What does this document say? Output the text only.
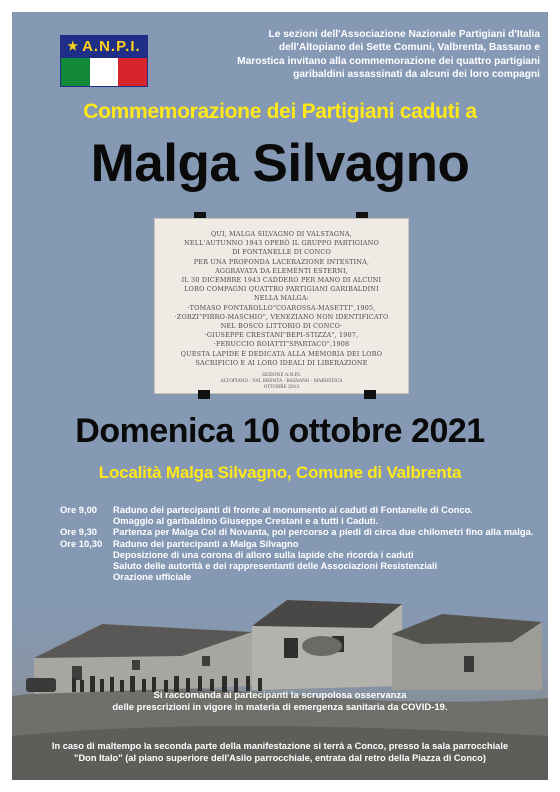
★ A.N.P.I.
Le sezioni dell'Associazione Nazionale Partigiani d'Italia
dell'Altopiano dei Sette Comuni, Valbrenta, Bassano e
Marostica invitano alla commemorazione dei quattro partigiani
garibaldini assassinati da alcuni dei loro compagni
Commemorazione dei Partigiani caduti a
Malga Silvagno
QUI, MALGA SILVAGNO DI VALSTAGNA,
NELL'AUTUNNO 1943 OPERÒ IL GRUPPO PARTIGIANO
DI FONTANELLE DI CONCO
PER UNA PROFONDA LACERAZIONE INTESTINA,
AGGRAVATA DA ELEMENTI ESTERNI,
IL 30 DICEMBRE 1943 CADDERO PER MANO DI ALCUNI
LORO COMPAGNI QUATTRO PARTIGIANI GARIBALDINI
NELLA MALGA:
·TOMASO FONTAROLLO"COAROSSA-MASETTI",1905,
·ZORZI"PIRRO-MASCHIO", VENEZIANO NON IDENTIFICATO
NEL BOSCO LITTORIO DI CONCO·
·GIUSEPPE CRESTANI"BEPI-STIZZA", 1907,
·FERUCCIO ROIATTI"SPARTACO",1908
QUESTA LAPIDE È DEDICATA ALLA MEMORIA DEI LORO
SACRIFICIO E AI LORO IDEALI DI LIBERAZIONE
SEZIONE A.N.P.I.
ALTOPIANO - VAL BRENTA - BASSANO - MAROSTICA
OTTOBRE 2013
Domenica 10 ottobre 2021
Località Malga Silvagno, Comune di Valbrenta
Ore 9,00	Raduno dei partecipanti di fronte al monumento ai caduti di Fontanelle di Conco.
Omaggio al garibaldino Giuseppe Crestani e a tutti i Caduti.
Ore 9,30	Partenza per Malga Col di Novanta, poi percorso a piedi di circa due chilometri fino alla malga.
Ore 10,30	Raduno dei partecipanti a Malga Silvagno
Deposizione di una corona di alloro sulla lapide che ricorda i caduti
Saluto delle autorità e dei rappresentanti delle Associazioni Resistenziali
Orazione ufficiale
Si raccomanda ai partecipanti la scrupolosa osservanza
delle prescrizioni in vigore in materia di emergenza sanitaria da COVID-19.
In caso di maltempo la seconda parte della manifestazione si terrà a Conco, presso la sala parrocchiale
"Don Italo" (al piano superiore dell'Asilo parrocchiale, entrata dal retro della Piazza di Conco)
